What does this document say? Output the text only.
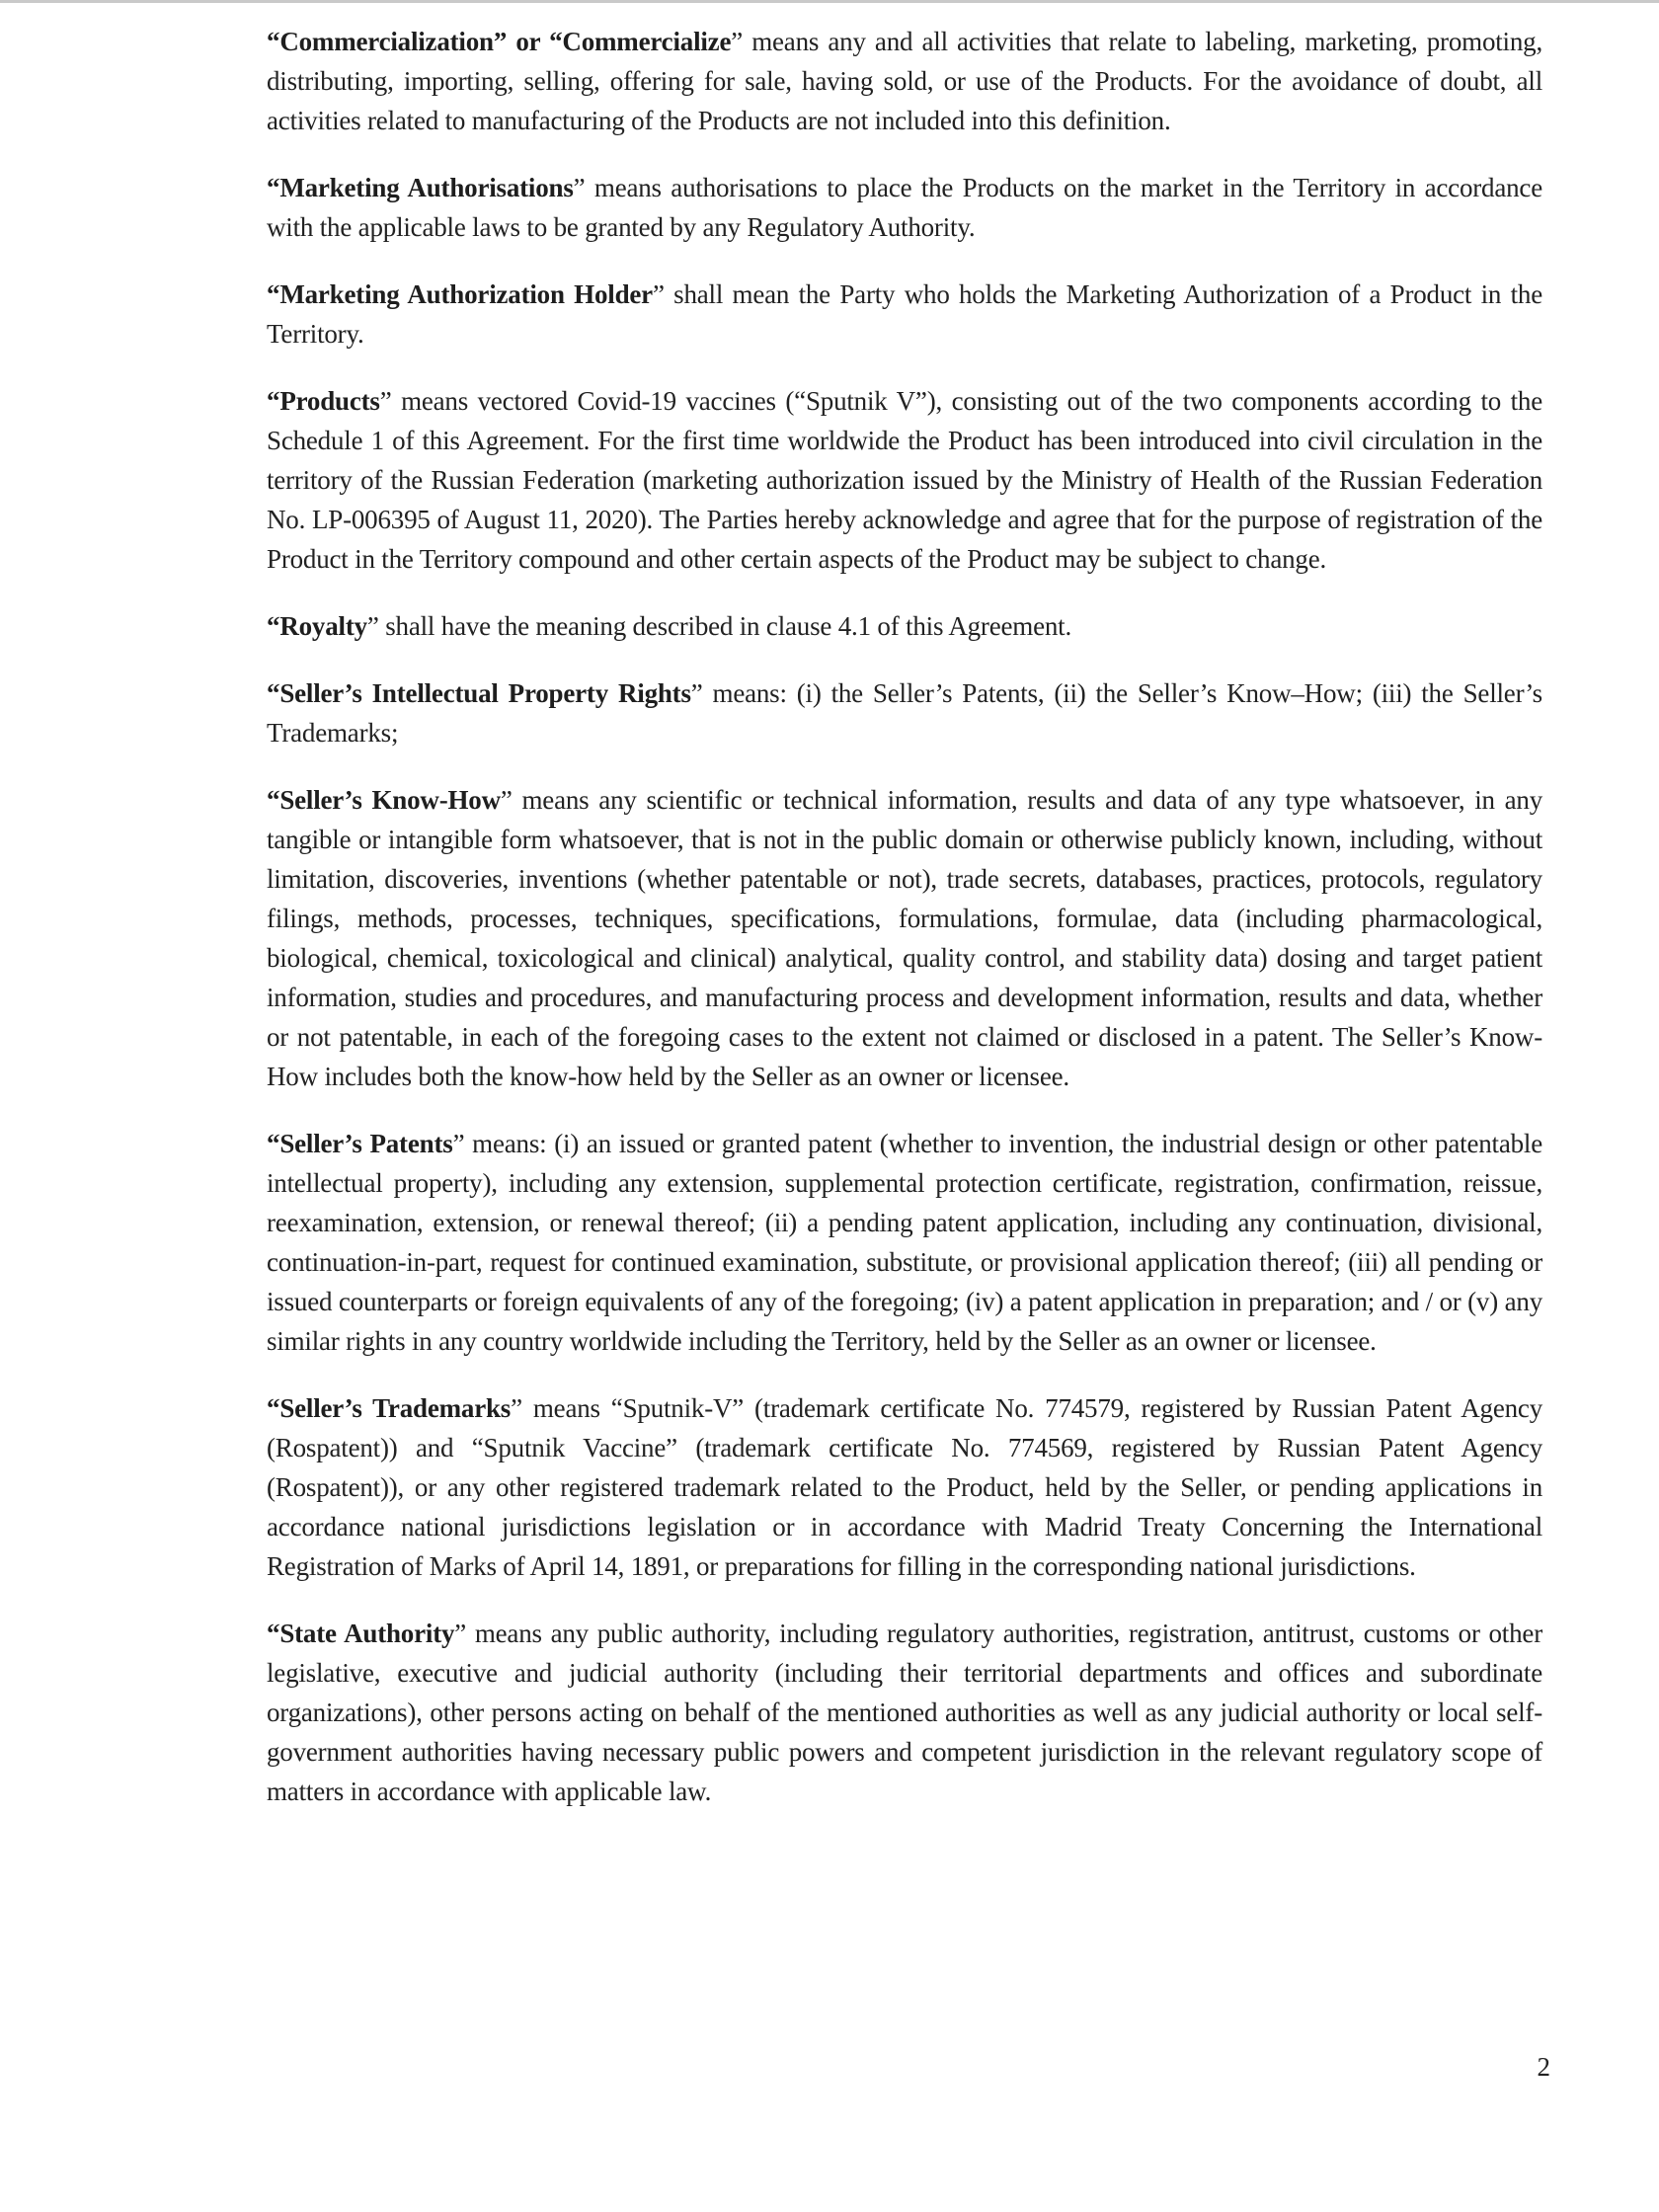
“Commercialization” or “Commercialize” means any and all activities that relate to labeling, marketing, promoting, distributing, importing, selling, offering for sale, having sold, or use of the Products. For the avoidance of doubt, all activities related to manufacturing of the Products are not included into this definition.

“Marketing Authorisations” means authorisations to place the Products on the market in the Territory in accordance with the applicable laws to be granted by any Regulatory Authority.

“Marketing Authorization Holder” shall mean the Party who holds the Marketing Authorization of a Product in the Territory.

“Products” means vectored Covid-19 vaccines (“Sputnik V”), consisting out of the two components according to the Schedule 1 of this Agreement. For the first time worldwide the Product has been introduced into civil circulation in the territory of the Russian Federation (marketing authorization issued by the Ministry of Health of the Russian Federation No. LP-006395 of August 11, 2020). The Parties hereby acknowledge and agree that for the purpose of registration of the Product in the Territory compound and other certain aspects of the Product may be subject to change.

“Royalty” shall have the meaning described in clause 4.1 of this Agreement.

“Seller’s Intellectual Property Rights” means: (i) the Seller’s Patents, (ii) the Seller’s Know–How; (iii) the Seller’s Trademarks;

“Seller’s Know-How” means any scientific or technical information, results and data of any type whatsoever, in any tangible or intangible form whatsoever, that is not in the public domain or otherwise publicly known, including, without limitation, discoveries, inventions (whether patentable or not), trade secrets, databases, practices, protocols, regulatory filings, methods, processes, techniques, specifications, formulations, formulae, data (including pharmacological, biological, chemical, toxicological and clinical) analytical, quality control, and stability data) dosing and target patient information, studies and procedures, and manufacturing process and development information, results and data, whether or not patentable, in each of the foregoing cases to the extent not claimed or disclosed in a patent. The Seller’s Know-How includes both the know-how held by the Seller as an owner or licensee.

“Seller’s Patents” means: (i) an issued or granted patent (whether to invention, the industrial design or other patentable intellectual property), including any extension, supplemental protection certificate, registration, confirmation, reissue, reexamination, extension, or renewal thereof; (ii) a pending patent application, including any continuation, divisional, continuation-in-part, request for continued examination, substitute, or provisional application thereof; (iii) all pending or issued counterparts or foreign equivalents of any of the foregoing; (iv) a patent application in preparation; and / or (v) any similar rights in any country worldwide including the Territory, held by the Seller as an owner or licensee.

“Seller’s Trademarks” means “Sputnik-V” (trademark certificate No. 774579, registered by Russian Patent Agency (Rospatent)) and “Sputnik Vaccine” (trademark certificate No. 774569, registered by Russian Patent Agency (Rospatent)), or any other registered trademark related to the Product, held by the Seller, or pending applications in accordance national jurisdictions legislation or in accordance with Madrid Treaty Concerning the International Registration of Marks of April 14, 1891, or preparations for filling in the corresponding national jurisdictions.

“State Authority” means any public authority, including regulatory authorities, registration, antitrust, customs or other legislative, executive and judicial authority (including their territorial departments and offices and subordinate organizations), other persons acting on behalf of the mentioned authorities as well as any judicial authority or local self-government authorities having necessary public powers and competent jurisdiction in the relevant regulatory scope of matters in accordance with applicable law.

2
